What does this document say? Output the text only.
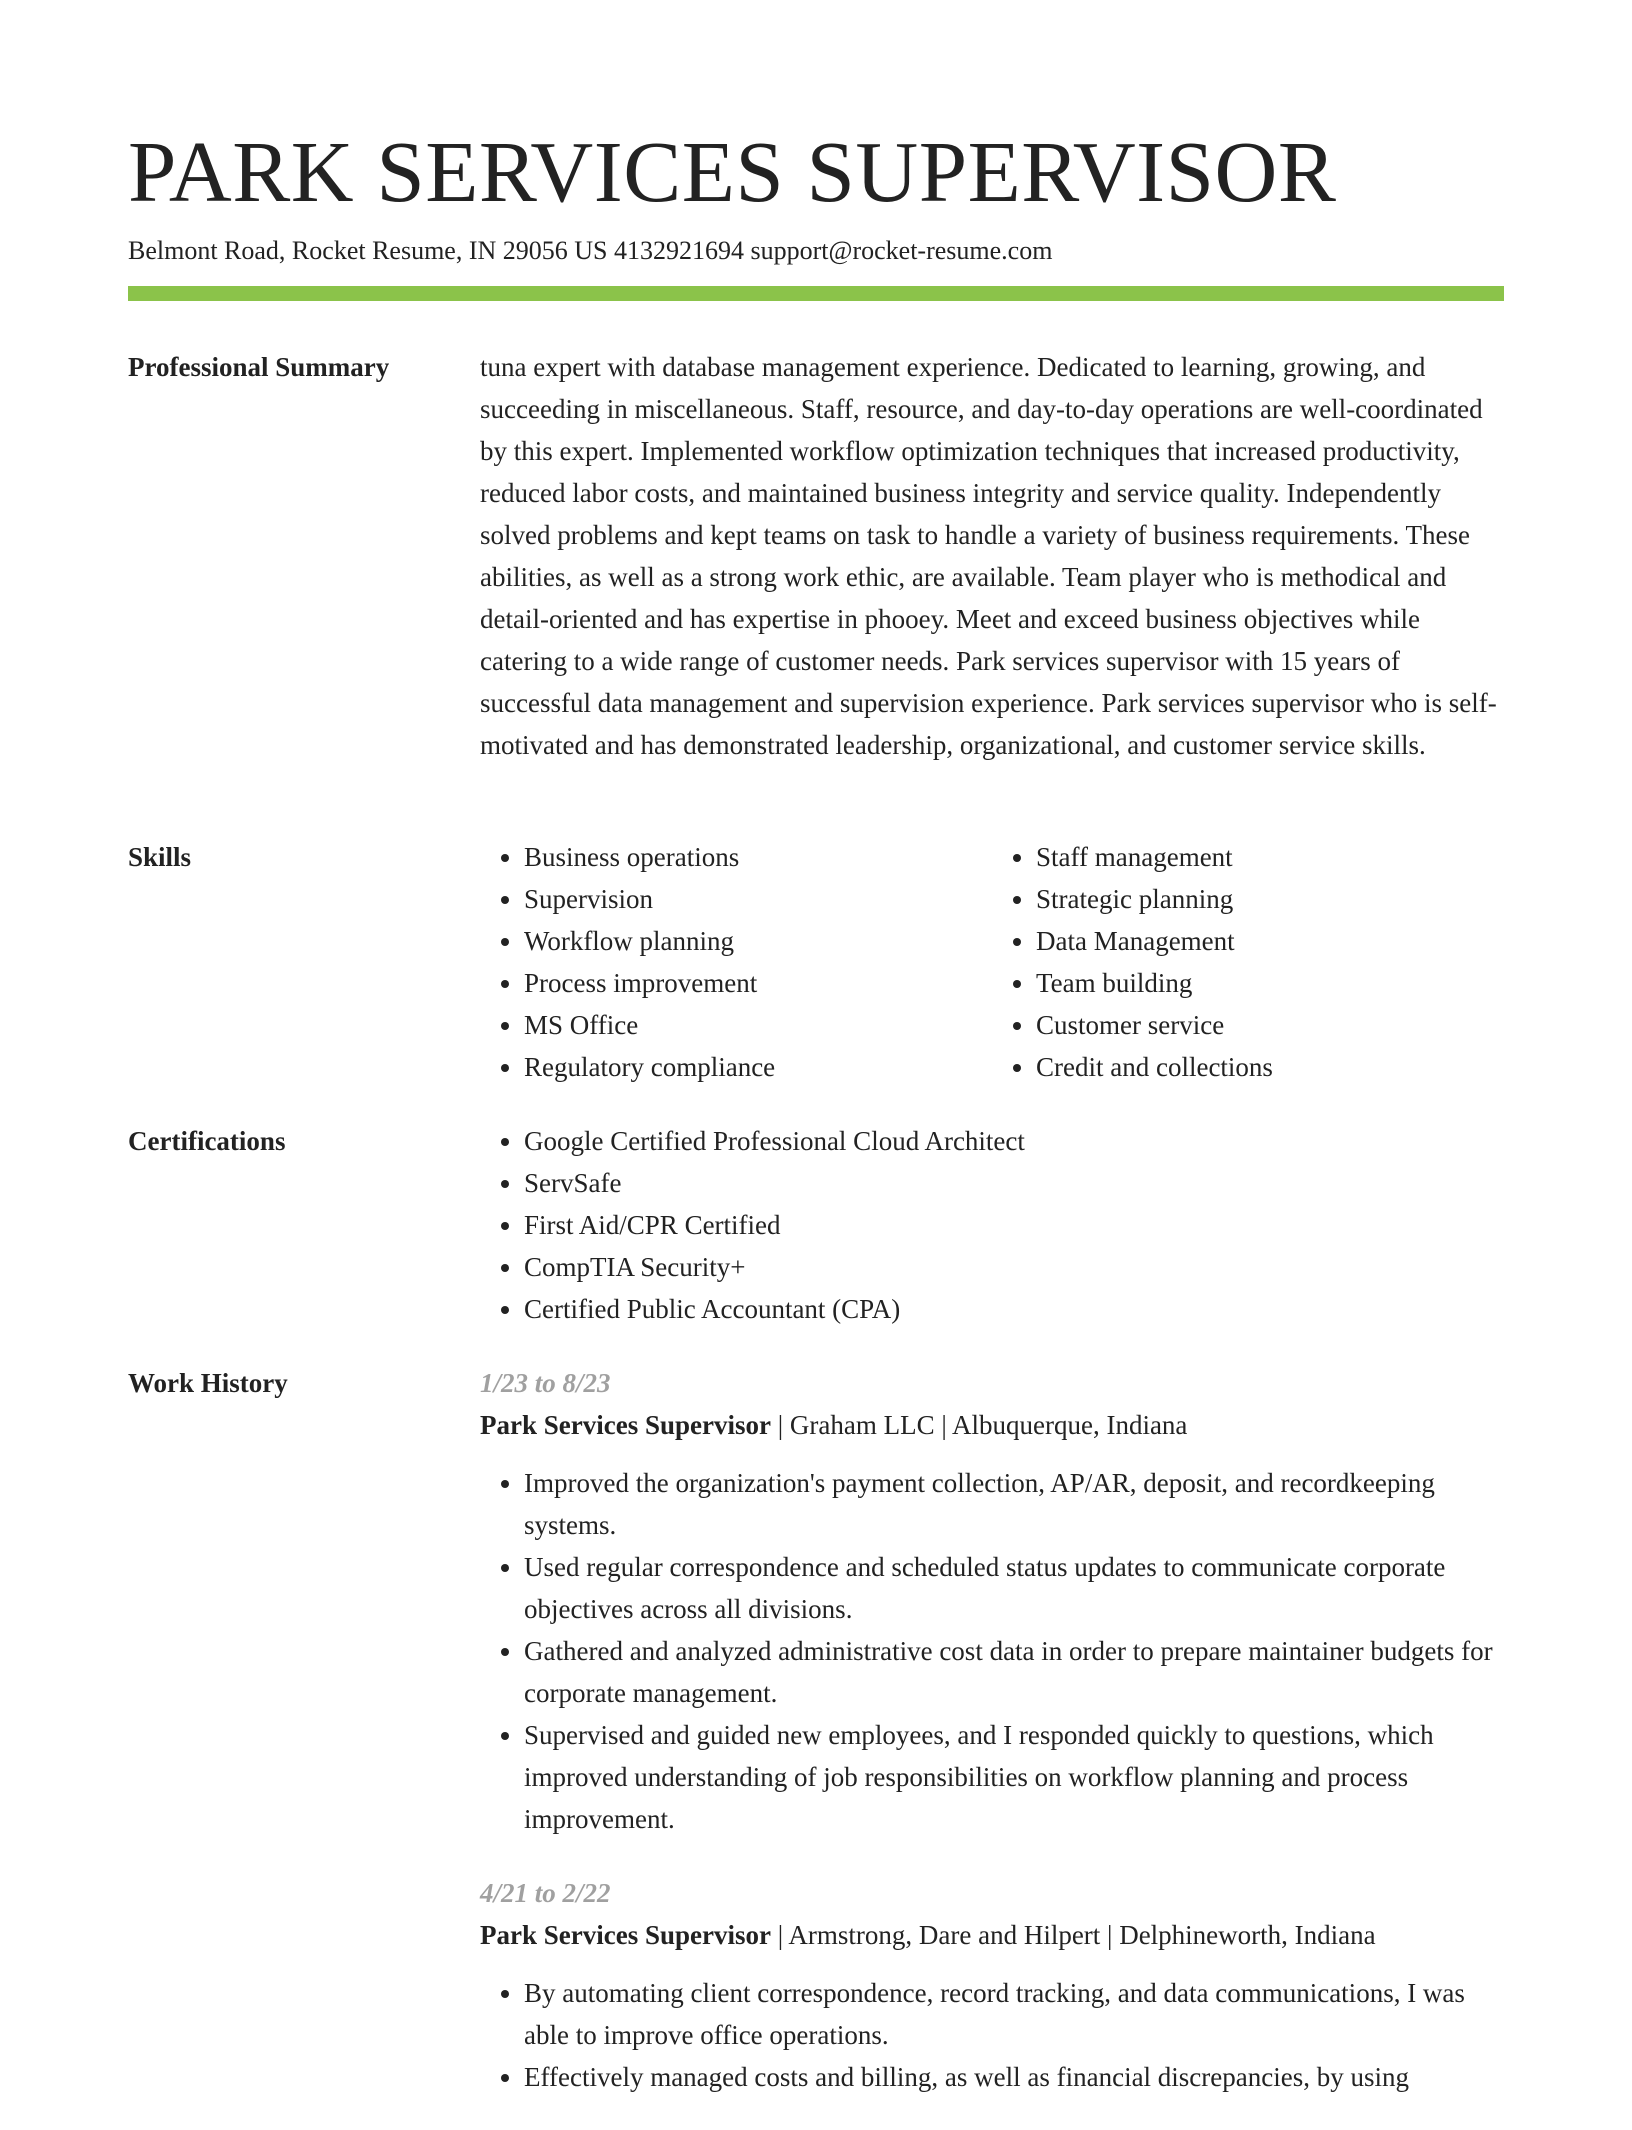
PARK SERVICES SUPERVISOR
Belmont Road, Rocket Resume, IN 29056 US 4132921694 support@rocket-resume.com
Professional Summary	tuna expert with database management experience. Dedicated to learning, growing, and succeeding in miscellaneous. Staff, resource, and day-to-day operations are well-coordinated by this expert. Implemented workflow optimization techniques that increased productivity, reduced labor costs, and maintained business integrity and service quality. Independently solved problems and kept teams on task to handle a variety of business requirements. These abilities, as well as a strong work ethic, are available. Team player who is methodical and detail-oriented and has expertise in phooey. Meet and exceed business objectives while catering to a wide range of customer needs. Park services supervisor with 15 years of successful data management and supervision experience. Park services supervisor who is self-motivated and has demonstrated leadership, organizational, and customer service skills.

Skills	• Business operations
• Supervision
• Workflow planning
• Process improvement
• MS Office
• Regulatory compliance
• Staff management
• Strategic planning
• Data Management
• Team building
• Customer service
• Credit and collections
Certifications	• Google Certified Professional Cloud Architect
• ServSafe
• First Aid/CPR Certified
• CompTIA Security+
• Certified Public Accountant (CPA)
Work History	1/23 to 8/23
Park Services Supervisor | Graham LLC | Albuquerque, Indiana
• Improved the organization's payment collection, AP/AR, deposit, and recordkeeping systems.
• Used regular correspondence and scheduled status updates to communicate corporate objectives across all divisions.
• Gathered and analyzed administrative cost data in order to prepare maintainer budgets for corporate management.
• Supervised and guided new employees, and I responded quickly to questions, which improved understanding of job responsibilities on workflow planning and process improvement.
4/21 to 2/22
Park Services Supervisor | Armstrong, Dare and Hilpert | Delphineworth, Indiana
• By automating client correspondence, record tracking, and data communications, I was able to improve office operations.
• Effectively managed costs and billing, as well as financial discrepancies, by using
